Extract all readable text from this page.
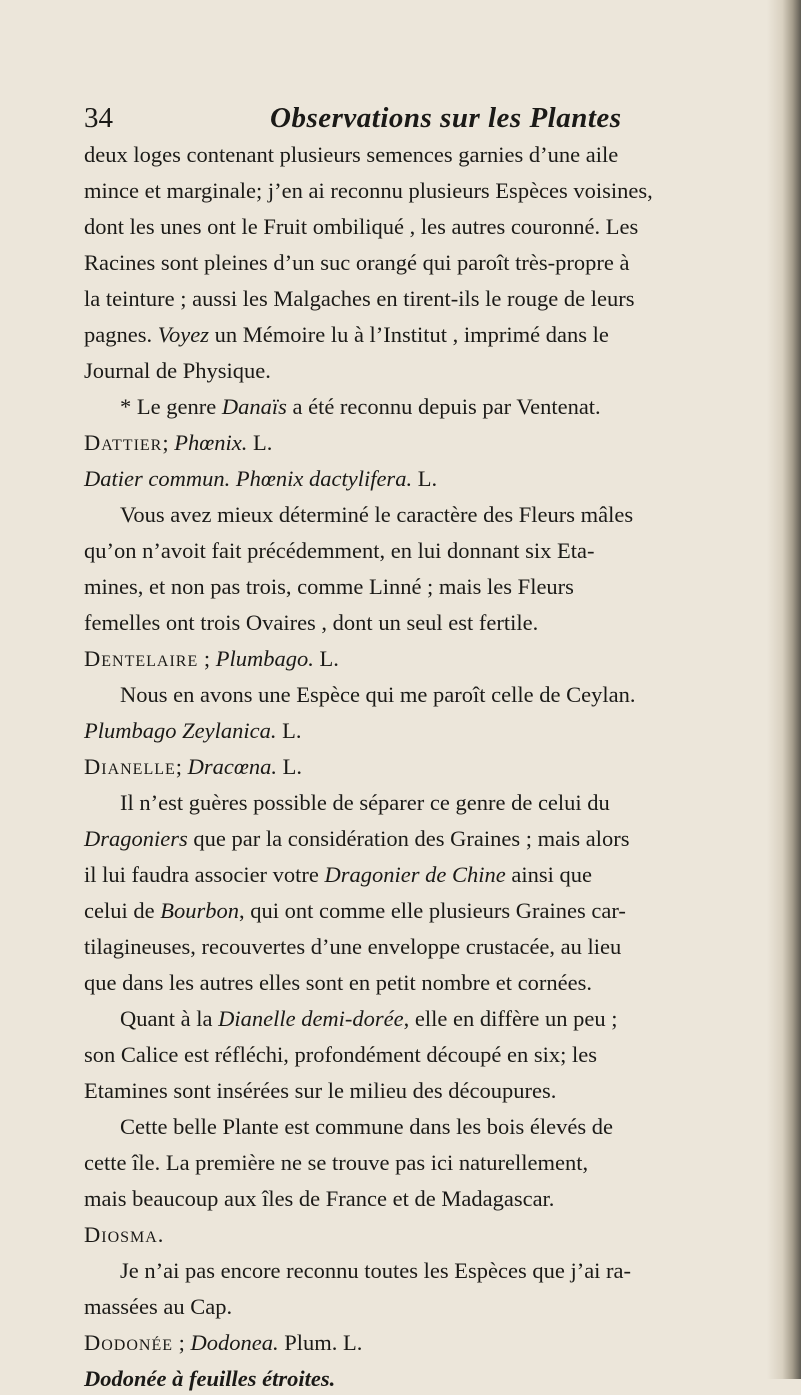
34	Observations sur les Plantes
deux loges contenant plusieurs semences garnies d’une aile
mince et marginale; j’en ai reconnu plusieurs Espèces voisines,
dont les unes ont le Fruit ombiliqué , les autres couronné. Les
Racines sont pleines d’un suc orangé qui paroît très-propre à
la teinture ; aussi les Malgaches en tirent-ils le rouge de leurs
pagnes. Voyez un Mémoire lu à l’Institut , imprimé dans le
Journal de Physique.
* Le genre Danaïs a été reconnu depuis par Ventenat.
Dattier; Phœnix. L.
Datier commun. Phœnix dactylifera. L.
Vous avez mieux déterminé le caractère des Fleurs mâles
qu’on n’avoit fait précédemment, en lui donnant six Eta-
mines, et non pas trois, comme Linné ; mais les Fleurs
femelles ont trois Ovaires , dont un seul est fertile.
Dentelaire ; Plumbago. L.
Nous en avons une Espèce qui me paroît celle de Ceylan.
Plumbago Zeylanica. L.
Dianelle; Dracœna. L.
Il n’est guères possible de séparer ce genre de celui du
Dragoniers que par la considération des Graines ; mais alors
il lui faudra associer votre Dragonier de Chine ainsi que
celui de Bourbon, qui ont comme elle plusieurs Graines car-
tilagineuses, recouvertes d’une enveloppe crustacée, au lieu
que dans les autres elles sont en petit nombre et cornées.
Quant à la Dianelle demi-dorée, elle en diffère un peu ;
son Calice est réfléchi, profondément découpé en six; les
Etamines sont insérées sur le milieu des découpures.
Cette belle Plante est commune dans les bois élevés de
cette île. La première ne se trouve pas ici naturellement,
mais beaucoup aux îles de France et de Madagascar.
Diosma.
Je n’ai pas encore reconnu toutes les Espèces que j’ai ra-
massées au Cap.
Dodonée ; Dodonea. Plum. L.
Dodonée à feuilles étroites.
